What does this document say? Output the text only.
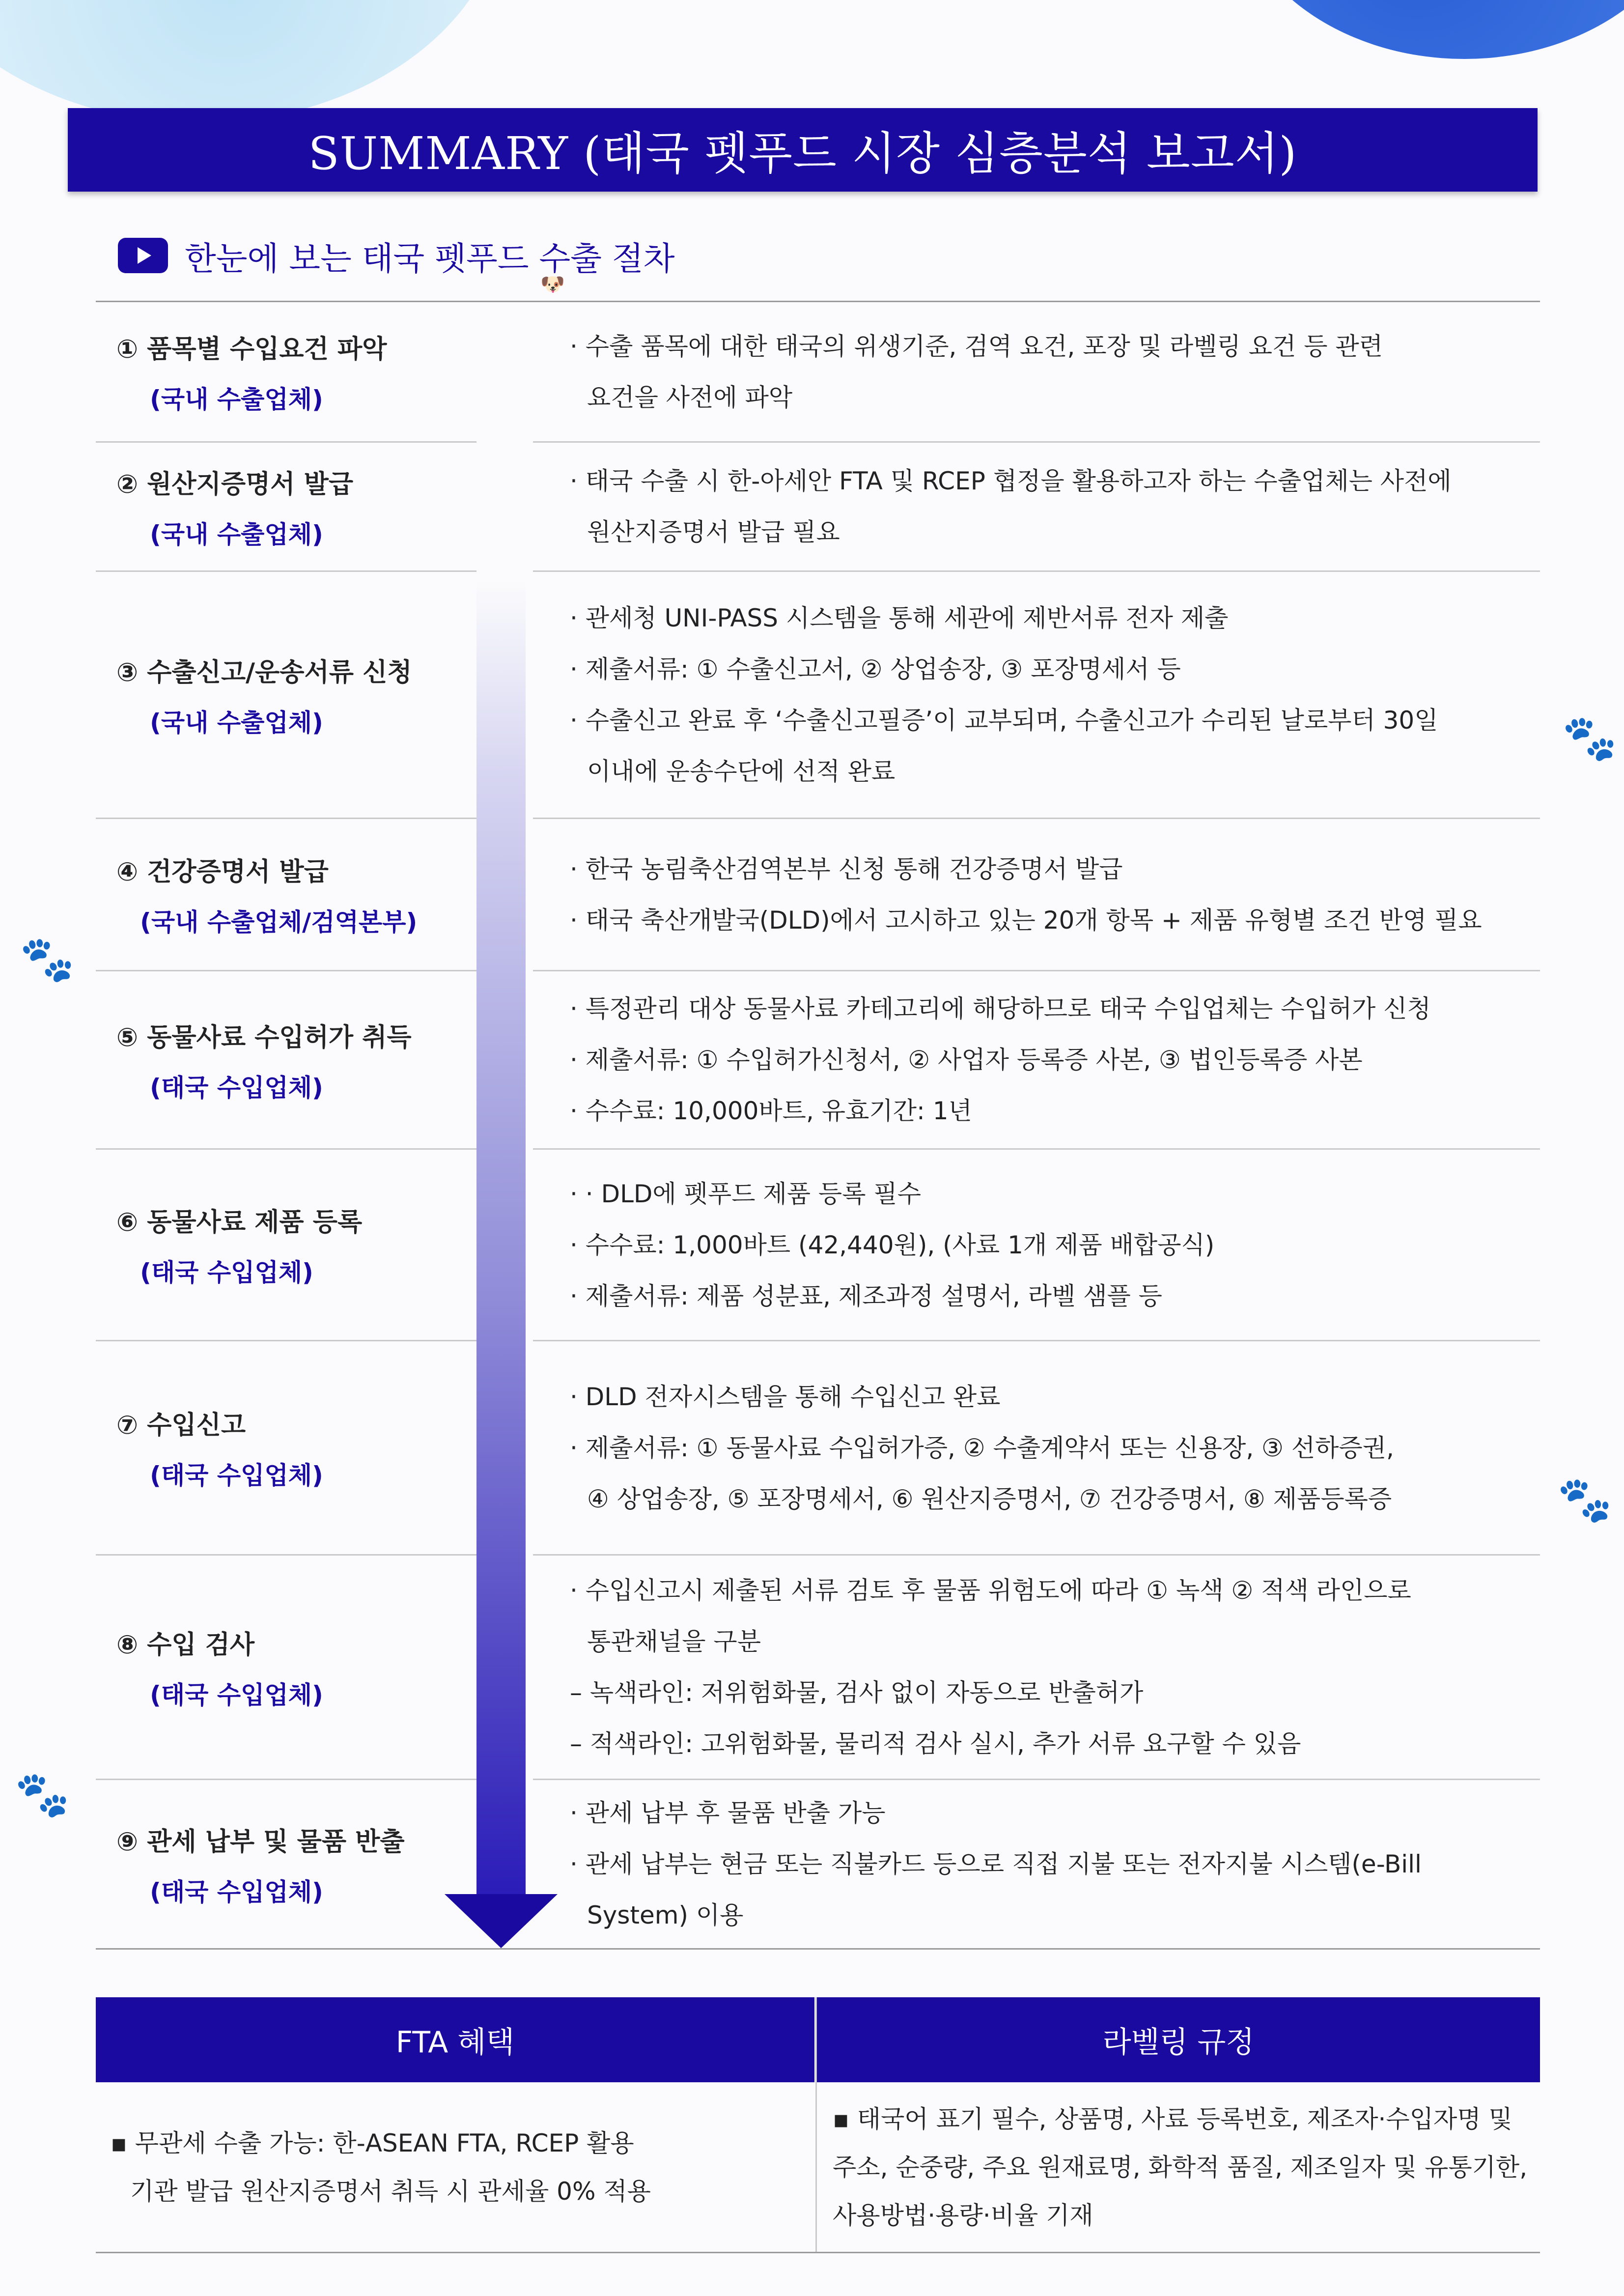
🐾
🐾
🐾
🐾
SUMMARY (태국 펫푸드 시장 심층분석 보고서)
한눈에 보는 태국 펫푸드 수출 절차
🐶
① 품목별 수입요건 파악
(국내 수출업체)
· 수출 품목에 대한 태국의 위생기준, 검역 요건, 포장 및 라벨링 요건 등 관련
요건을 사전에 파악
② 원산지증명서 발급
(국내 수출업체)
· 태국 수출 시 한-아세안 FTA 및 RCEP 협정을 활용하고자 하는 수출업체는 사전에
원산지증명서 발급 필요
③ 수출신고/운송서류 신청
(국내 수출업체)
· 관세청 UNI-PASS 시스템을 통해 세관에 제반서류 전자 제출
· 제출서류: ① 수출신고서, ② 상업송장, ③ 포장명세서 등
· 수출신고 완료 후 ‘수출신고필증’이 교부되며, 수출신고가 수리된 날로부터 30일
이내에 운송수단에 선적 완료
④ 건강증명서 발급
(국내 수출업체/검역본부)
· 한국 농림축산검역본부 신청 통해 건강증명서 발급
· 태국 축산개발국(DLD)에서 고시하고 있는 20개 항목 + 제품 유형별 조건 반영 필요
⑤ 동물사료 수입허가 취득
(태국 수입업체)
· 특정관리 대상 동물사료 카테고리에 해당하므로 태국 수입업체는 수입허가 신청
· 제출서류: ① 수입허가신청서, ② 사업자 등록증 사본, ③ 법인등록증 사본
· 수수료: 10,000바트, 유효기간: 1년
⑥ 동물사료 제품 등록
(태국 수입업체)
· · DLD에 펫푸드 제품 등록 필수
· 수수료: 1,000바트 (42,440원), (사료 1개 제품 배합공식)
· 제출서류: 제품 성분표, 제조과정 설명서, 라벨 샘플 등
⑦ 수입신고
(태국 수입업체)
· DLD 전자시스템을 통해 수입신고 완료
· 제출서류: ① 동물사료 수입허가증, ② 수출계약서 또는 신용장, ③ 선하증권,
④ 상업송장, ⑤ 포장명세서, ⑥ 원산지증명서, ⑦ 건강증명서, ⑧ 제품등록증
⑧ 수입 검사
(태국 수입업체)
· 수입신고시 제출된 서류 검토 후 물품 위험도에 따라 ① 녹색 ② 적색 라인으로
통관채널을 구분
– 녹색라인: 저위험화물, 검사 없이 자동으로 반출허가
– 적색라인: 고위험화물, 물리적 검사 실시, 추가 서류 요구할 수 있음
⑨ 관세 납부 및 물품 반출
(태국 수입업체)
· 관세 납부 후 물품 반출 가능
· 관세 납부는 현금 또는 직불카드 등으로 직접 지불 또는 전자지불 시스템(e-Bill
System) 이용
FTA 혜택	라벨링 규정
▪ 무관세 수출 가능: 한-ASEAN FTA, RCEP 활용
기관 발급 원산지증명서 취득 시 관세율 0% 적용
▪ 태국어 표기 필수, 상품명, 사료 등록번호, 제조자·수입자명 및
주소, 순중량, 주요 원재료명, 화학적 품질, 제조일자 및 유통기한,
사용방법·용량·비율 기재
